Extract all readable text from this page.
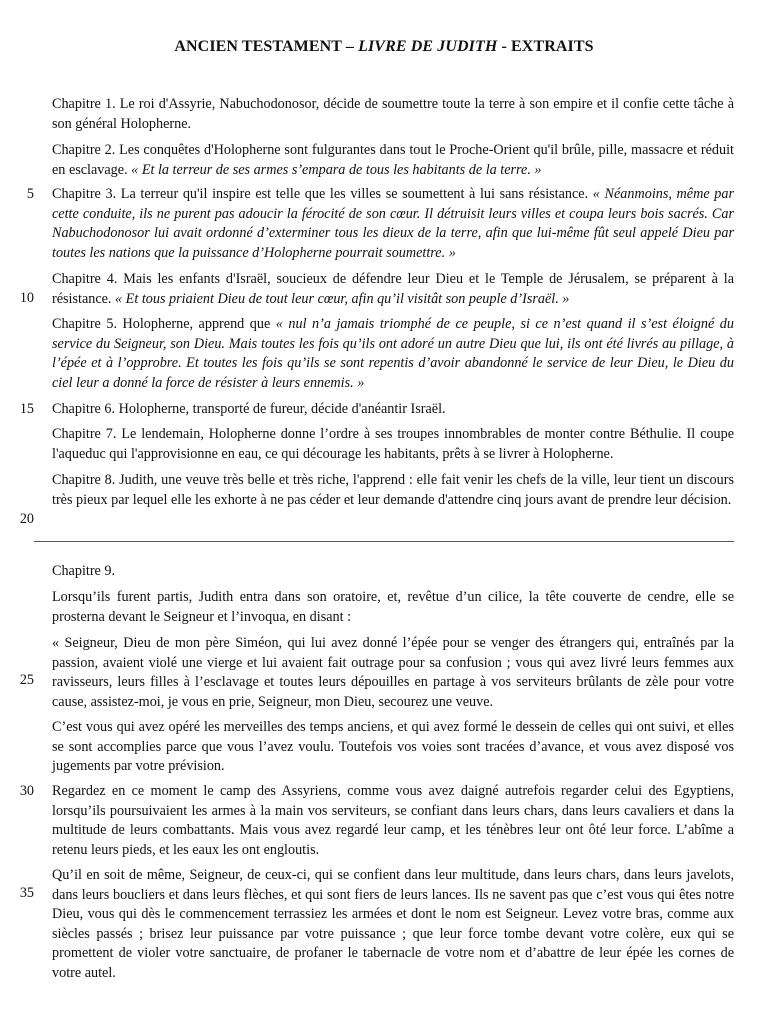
ANCIEN TESTAMENT – LIVRE DE JUDITH - EXTRAITS
5
10
15
20
25
30
35

Chapitre 1. Le roi d'Assyrie, Nabuchodonosor, décide de soumettre toute la terre à son empire et il confie cette tâche à son général Holopherne.

Chapitre 2. Les conquêtes d'Holopherne sont fulgurantes dans tout le Proche-Orient qu'il brûle, pille, massacre et réduit en esclavage. « Et la terreur de ses armes s’empara de tous les habitants de la terre. »

Chapitre 3. La terreur qu'il inspire est telle que les villes se soumettent à lui sans résistance. « Néanmoins, même par cette conduite, ils ne purent pas adoucir la férocité de son cœur. Il détruisit leurs villes et coupa leurs bois sacrés. Car Nabuchodonosor lui avait ordonné d’exterminer tous les dieux de la terre, afin que lui-même fût seul appelé Dieu par toutes les nations que la puissance d’Holopherne pourrait soumettre. »

Chapitre 4. Mais les enfants d'Israël, soucieux de défendre leur Dieu et le Temple de Jérusalem, se préparent à la résistance. « Et tous priaient Dieu de tout leur cœur, afin qu’il visitât son peuple d’Israël. »

Chapitre 5. Holopherne, apprend que « nul n’a jamais triomphé de ce peuple, si ce n’est quand il s’est éloigné du service du Seigneur, son Dieu. Mais toutes les fois qu’ils ont adoré un autre Dieu que lui, ils ont été livrés au pillage, à l’épée et à l’opprobre. Et toutes les fois qu’ils se sont repentis d’avoir abandonné le service de leur Dieu, le Dieu du ciel leur a donné la force de résister à leurs ennemis. »

Chapitre 6. Holopherne, transporté de fureur, décide d'anéantir Israël.

Chapitre 7. Le lendemain, Holopherne donne l’ordre à ses troupes innombrables de monter contre Béthulie. Il coupe l'aqueduc qui l'approvisionne en eau, ce qui décourage les habitants, prêts à se livrer à Holopherne.

Chapitre 8. Judith, une veuve très belle et très riche, l'apprend : elle fait venir les chefs de la ville, leur tient un discours très pieux par lequel elle les exhorte à ne pas céder et leur demande d'attendre cinq jours avant de prendre leur décision.

Chapitre 9.

Lorsqu’ils furent partis, Judith entra dans son oratoire, et, revêtue d’un cilice, la tête couverte de cendre, elle se prosterna devant le Seigneur et l’invoqua, en disant :

« Seigneur, Dieu de mon père Siméon, qui lui avez donné l’épée pour se venger des étrangers qui, entraînés par la passion, avaient violé une vierge et lui avaient fait outrage pour sa confusion ; vous qui avez livré leurs femmes aux ravisseurs, leurs filles à l’esclavage et toutes leurs dépouilles en partage à vos serviteurs brûlants de zèle pour votre cause, assistez-moi, je vous en prie, Seigneur, mon Dieu, secourez une veuve.

C’est vous qui avez opéré les merveilles des temps anciens, et qui avez formé le dessein de celles qui ont suivi, et elles se sont accomplies parce que vous l’avez voulu. Toutefois vos voies sont tracées d’avance, et vous avez disposé vos jugements par votre prévision.

Regardez en ce moment le camp des Assyriens, comme vous avez daigné autrefois regarder celui des Egyptiens, lorsqu’ils poursuivaient les armes à la main vos serviteurs, se confiant dans leurs chars, dans leurs cavaliers et dans la multitude de leurs combattants. Mais vous avez regardé leur camp, et les ténèbres leur ont ôté leur force. L’abîme a retenu leurs pieds, et les eaux les ont engloutis.

Qu’il en soit de même, Seigneur, de ceux-ci, qui se confient dans leur multitude, dans leurs chars, dans leurs javelots, dans leurs boucliers et dans leurs flèches, et qui sont fiers de leurs lances. Ils ne savent pas que c’est vous qui êtes notre Dieu, vous qui dès le commencement terrassiez les armées et dont le nom est Seigneur. Levez votre bras, comme aux siècles passés ; brisez leur puissance par votre puissance ; que leur force tombe devant votre colère, eux qui se promettent de violer votre sanctuaire, de profaner le tabernacle de votre nom et d’abattre de leur épée les cornes de votre autel.
